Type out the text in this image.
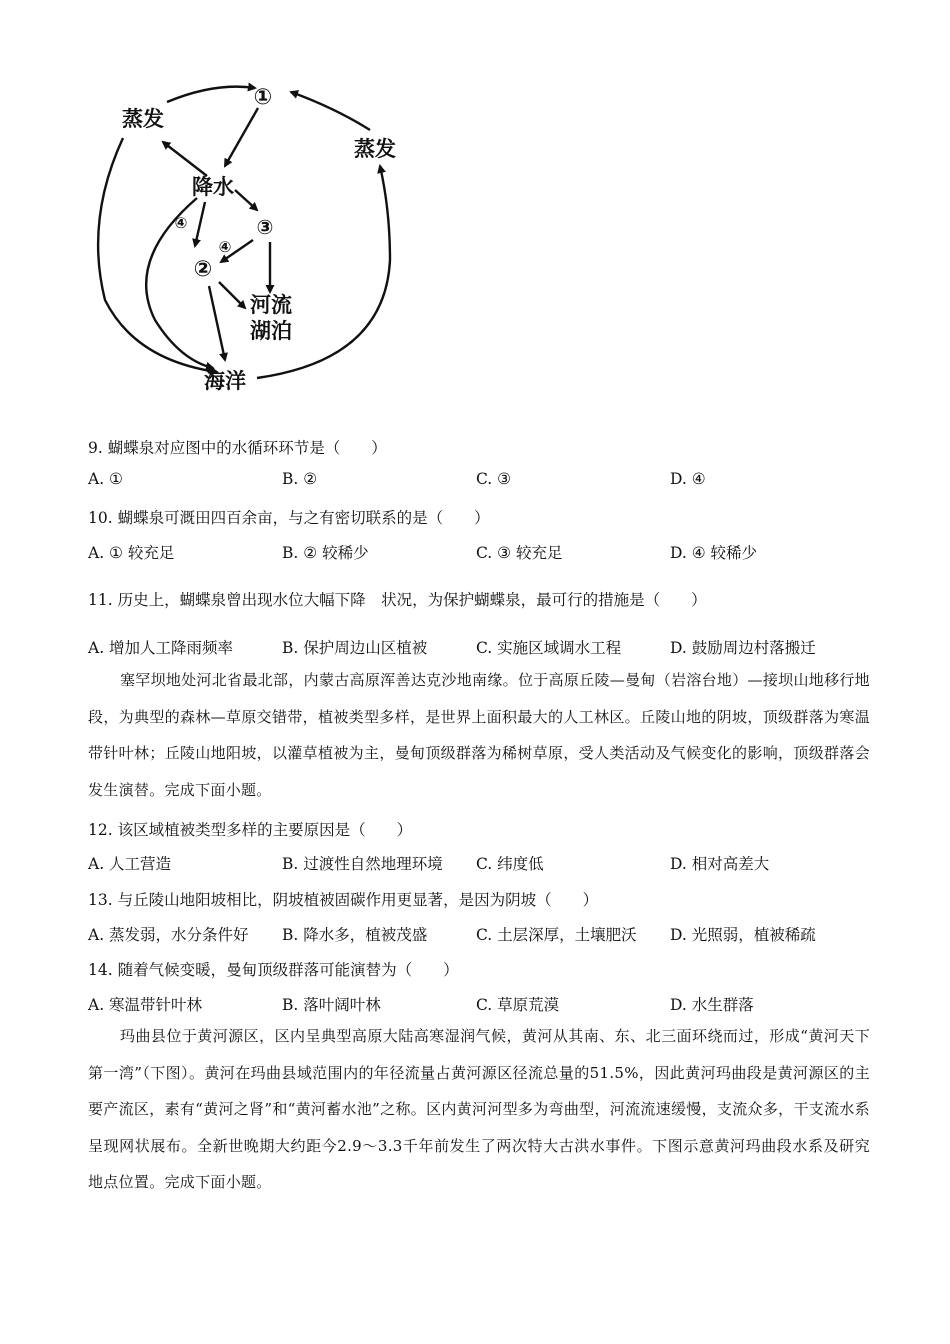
①
蒸发
蒸发
降水
④	③
④
②
河流
湖泊
海洋
9. 蝴蝶泉对应图中的水循环环节是（　　）
A. ①	B. ②	C. ③	D. ④
10. 蝴蝶泉可溉田四百余亩，与之有密切联系的是（　　）
A. ① 较充足	B. ② 较稀少	C. ③ 较充足	D. ④ 较稀少
11. 历史上，蝴蝶泉曾出现水位大幅下降　状况，为保护蝴蝶泉，最可行的措施是（　　）
A. 增加人工降雨频率	B. 保护周边山区植被	C. 实施区域调水工程	D. 鼓励周边村落搬迁
塞罕坝地处河北省最北部，内蒙古高原浑善达克沙地南缘。位于高原丘陵—曼甸（岩溶台地）—接坝山地移行地段，为典型的森林—草原交错带，植被类型多样，是世界上面积最大的人工林区。丘陵山地的阴坡，顶级群落为寒温带针叶林；丘陵山地阳坡，以灌草植被为主，曼甸顶级群落为稀树草原，受人类活动及气候变化的影响，顶级群落会发生演替。完成下面小题。
12. 该区域植被类型多样的主要原因是（　　）
A. 人工营造	B. 过渡性自然地理环境 C. 纬度低	D. 相对高差大
13. 与丘陵山地阳坡相比，阴坡植被固碳作用更显著，是因为阴坡（　　）
A. 蒸发弱，水分条件好 B. 降水多，植被茂盛	C. 土层深厚，土壤肥沃 D. 光照弱，植被稀疏
14. 随着气候变暖，曼甸顶级群落可能演替为（　　）
A. 寒温带针叶林	B. 落叶阔叶林	C. 草原荒漠	D. 水生群落
玛曲县位于黄河源区，区内呈典型高原大陆高寒湿润气候，黄河从其南、东、北三面环绕而过，形成“黄河天下第一湾”（下图）。黄河在玛曲县域范围内的年径流量占黄河源区径流总量的51.5%，因此黄河玛曲段是黄河源区的主要产流区，素有“黄河之肾”和“黄河蓄水池”之称。区内黄河河型多为弯曲型，河流流速缓慢，支流众多，干支流水系呈现网状展布。全新世晚期大约距今2.9～3.3千年前发生了两次特大古洪水事件。下图示意黄河玛曲段水系及研究地点位置。完成下面小题。
